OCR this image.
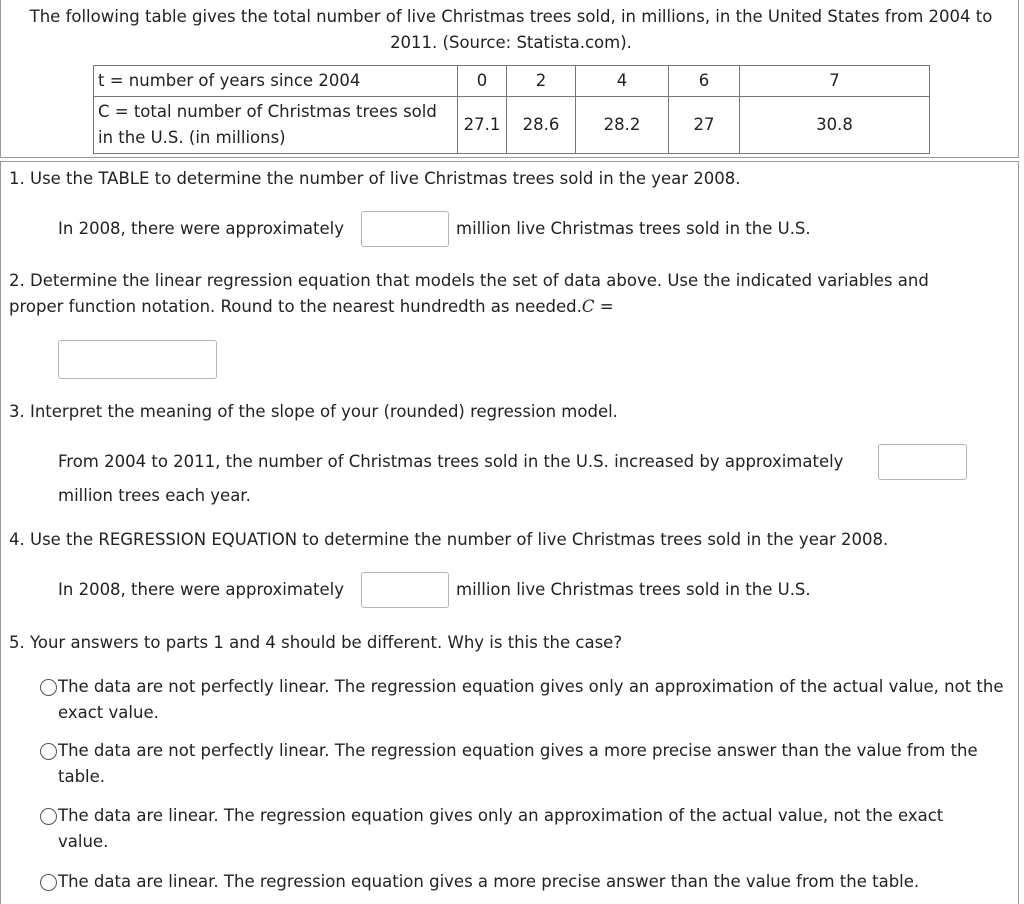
The following table gives the total number of live Christmas trees sold, in millions, in the United States from 2004 to 2011. (Source: Statista.com).
t = number of years since 2004	0	2	4	6	7

C = total number of Christmas trees sold
in the U.S. (in millions)	27.1	28.6	28.2	27	30.8
1. Use the TABLE to determine the number of live Christmas trees sold in the year 2008.
In 2008, there were approximately	million live Christmas trees sold in the U.S.
2. Determine the linear regression equation that models the set of data above. Use the indicated variables and
proper function notation. Round to the nearest hundredth as needed.C =
3. Interpret the meaning of the slope of your (rounded) regression model.
From 2004 to 2011, the number of Christmas trees sold in the U.S. increased by approximately
million trees each year.
4. Use the REGRESSION EQUATION to determine the number of live Christmas trees sold in the year 2008.
In 2008, there were approximately	million live Christmas trees sold in the U.S.
5. Your answers to parts 1 and 4 should be different. Why is this the case?
The data are not perfectly linear. The regression equation gives only an approximation of the actual value, not the exact value.
The data are not perfectly linear. The regression equation gives a more precise answer than the value from the table.
The data are linear. The regression equation gives only an approximation of the actual value, not the exact value.
The data are linear. The regression equation gives a more precise answer than the value from the table.
